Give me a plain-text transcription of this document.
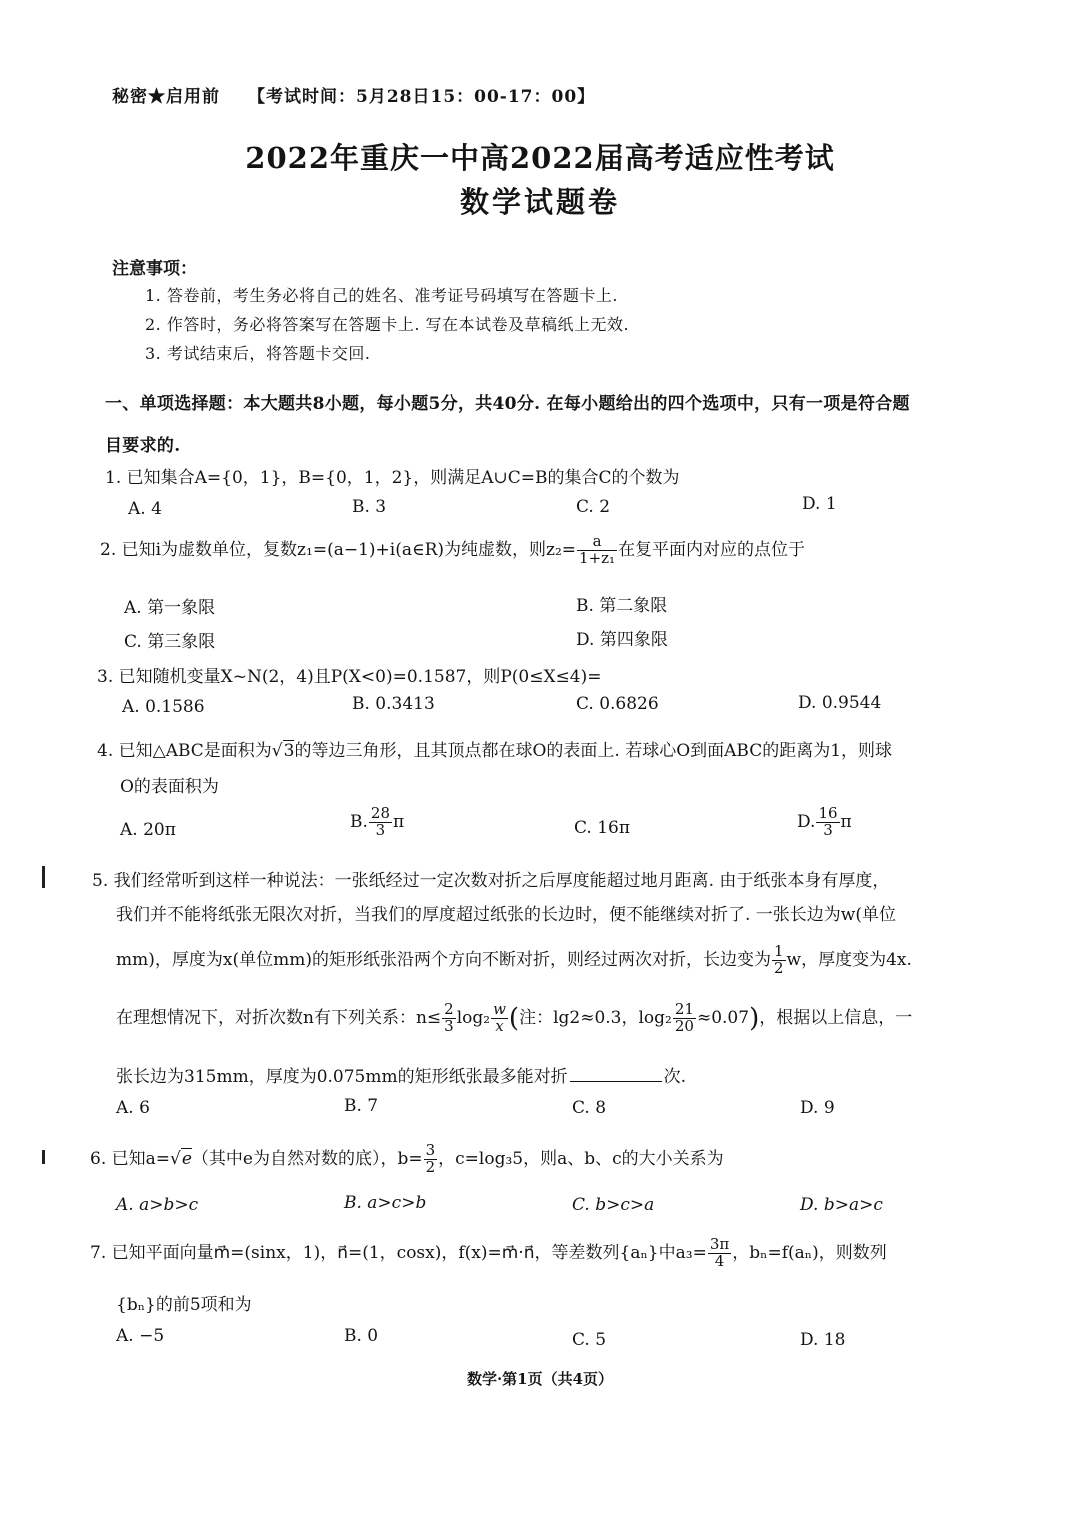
秘密★启用前 【考试时间：5月28日15：00-17：00】
2022年重庆一中高2022届高考适应性考试
数学试题卷
注意事项：
1. 答卷前，考生务必将自己的姓名、准考证号码填写在答题卡上.
2. 作答时，务必将答案写在答题卡上. 写在本试卷及草稿纸上无效.
3. 考试结束后，将答题卡交回.
一、单项选择题：本大题共8小题，每小题5分，共40分. 在每小题给出的四个选项中，只有一项是符合题
目要求的.
1. 已知集合A={0，1}，B={0，1，2}，则满足A∪C=B的集合C的个数为
A. 4	B. 3	C. 2	D. 1
2. 已知i为虚数单位，复数z₁=(a−1)+i(a∈R)为纯虚数，则$z_2= \frac{a}{\text{1+z₁}}$ 在复平面内对应的点位于
A. 第一象限	B. 第二象限
C. 第三象限	D. 第四象限
3. 已知随机变量X~N(2，4)且P(X<0)=0.1587，则P(0≤X≤4)=
A. 0.1586	B. 0.3413	C. 0.6826	D. 0.9544
4. 已知△ABC是面积为√3的等边三角形，且其顶点都在球O的表面上. 若球心O到面ABC的距离为1，则球
O的表面积为
A. 20π	B. $\frac{28}{3}$ π	C. 16π	D. $\frac{16}{3}$ π
5. 我们经常听到这样一种说法：一张纸经过一定次数对折之后厚度能超过地月距离. 由于纸张本身有厚度，
我们并不能将纸张无限次对折，当我们的厚度超过纸张的长边时，便不能继续对折了. 一张长边为w(单位
mm)，厚度为x(单位mm)的矩形纸张沿两个方向不断对折，则经过两次对折，长边变为 $\frac{1}{2}$ w，厚度变为4x.
在理想情况下，对折次数n有下列关系：$n\le \frac{2}{3} \log_2 \frac{w}{x}$ (注：lg2≈0.3，$\log_2 \frac{21}{20} \approx 0.07$)，根据以上信息，一
张长边为315mm，厚度为0.075mm的矩形纸张最多能对折	次.
A. 6	B. 7	C. 8	D. 9
6. 已知a=√e（其中e为自然对数的底），$b= \frac{3}{2}$ ，c=log₃5，则a、b、c的大小关系为
A. a>b>c	B. a>c>b	C. b>c>a	D. b>a>c
7. 已知平面向量m⃗=(sinx，1)，n⃗=(1，cosx)，f(x)=m⃗·n⃗，等差数列{aₙ}中$a_3= \frac{3\pi}{4}$ ，bₙ=f(aₙ)，则数列
{bₙ}的前5项和为
A. −5	B. 0	C. 5	D. 18
数学·第1页（共4页）
